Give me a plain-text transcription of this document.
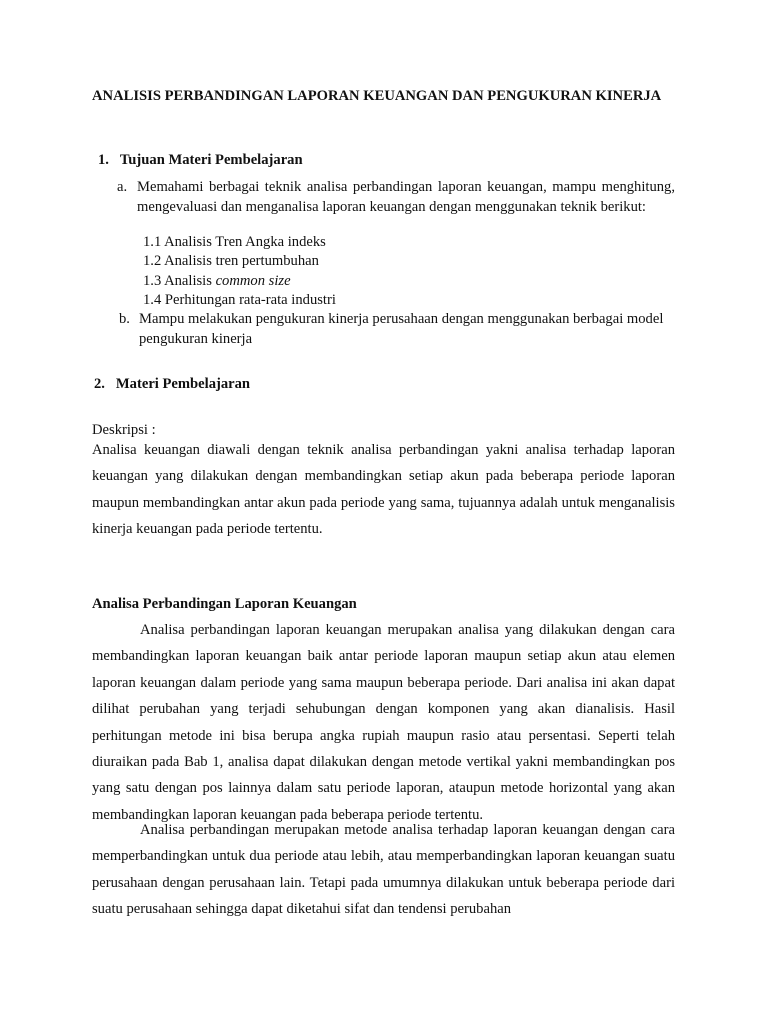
ANALISIS PERBANDINGAN LAPORAN KEUANGAN DAN PENGUKURAN KINERJA
1. Tujuan Materi Pembelajaran
a. Memahami berbagai teknik analisa perbandingan laporan keuangan, mampu menghitung, mengevaluasi dan menganalisa laporan keuangan dengan menggunakan teknik berikut:
1.1 Analisis Tren Angka indeks
1.2 Analisis tren pertumbuhan
1.3 Analisis common size
1.4 Perhitungan rata-rata industri
b. Mampu melakukan pengukuran kinerja perusahaan dengan menggunakan berbagai model pengukuran kinerja
2. Materi Pembelajaran
Deskripsi :
Analisa keuangan diawali dengan teknik analisa perbandingan yakni analisa terhadap laporan keuangan yang dilakukan dengan membandingkan setiap akun pada beberapa periode laporan maupun membandingkan antar akun pada periode yang sama, tujuannya adalah untuk menganalisis kinerja keuangan pada periode tertentu.
Analisa Perbandingan Laporan Keuangan
Analisa perbandingan laporan keuangan merupakan analisa yang dilakukan dengan cara membandingkan laporan keuangan baik antar periode laporan maupun setiap akun atau elemen laporan keuangan dalam periode yang sama maupun beberapa periode. Dari analisa ini akan dapat dilihat perubahan yang terjadi sehubungan dengan komponen yang akan dianalisis. Hasil perhitungan metode ini bisa berupa angka rupiah maupun rasio atau persentasi. Seperti telah diuraikan pada Bab 1, analisa dapat dilakukan dengan metode vertikal yakni membandingkan pos yang satu dengan pos lainnya dalam satu periode laporan, ataupun metode horizontal yang akan membandingkan laporan keuangan pada beberapa periode tertentu.
Analisa perbandingan merupakan metode analisa terhadap laporan keuangan dengan cara memperbandingkan untuk dua periode atau lebih, atau memperbandingkan laporan keuangan suatu perusahaan dengan perusahaan lain. Tetapi pada umumnya dilakukan untuk beberapa periode dari suatu perusahaan sehingga dapat diketahui sifat dan tendensi perubahan
